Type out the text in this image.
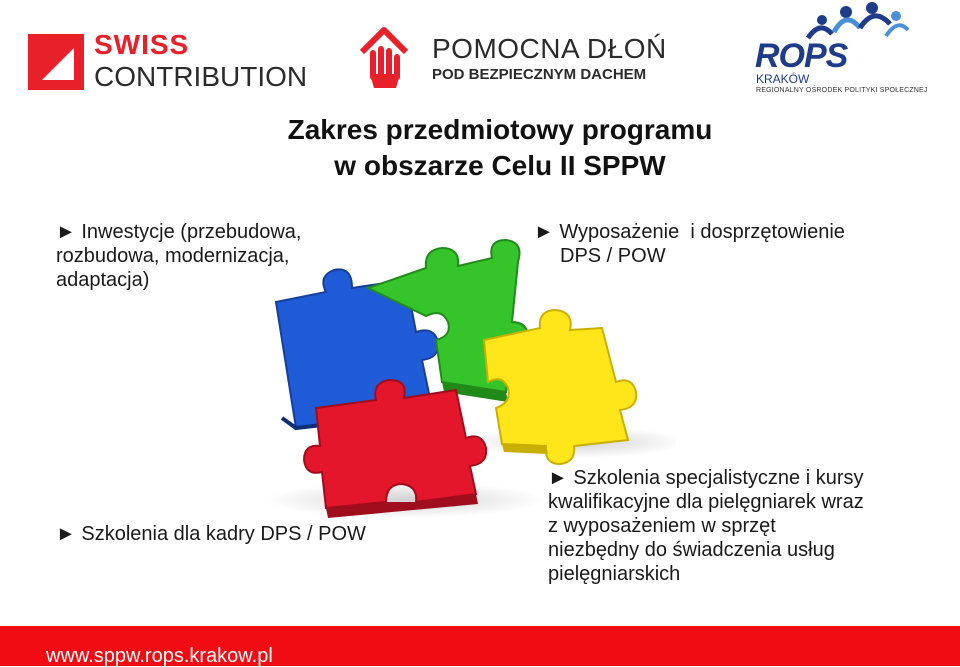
SWISS
CONTRIBUTION
POMOCNA DŁOŃ
POD BEZPIECZNYM DACHEM	ROPS
KRAKÓW
REGIONALNY OŚRODEK POLITYKI SPOŁECZNEJ
Zakres przedmiotowy programu
w obszarze Celu II SPPW
► Inwestycje (przebudowa,
rozbudowa, modernizacja,
adaptacja)
► Wyposażenie  i dosprzętowienie
DPS / POW
► Szkolenia dla kadry DPS / POW
► Szkolenia specjalistyczne i kursy
kwalifikacyjne dla pielęgniarek wraz
z wyposażeniem w sprzęt
niezbędny do świadczenia usług
pielęgniarskich
www.sppw.rops.krakow.pl
